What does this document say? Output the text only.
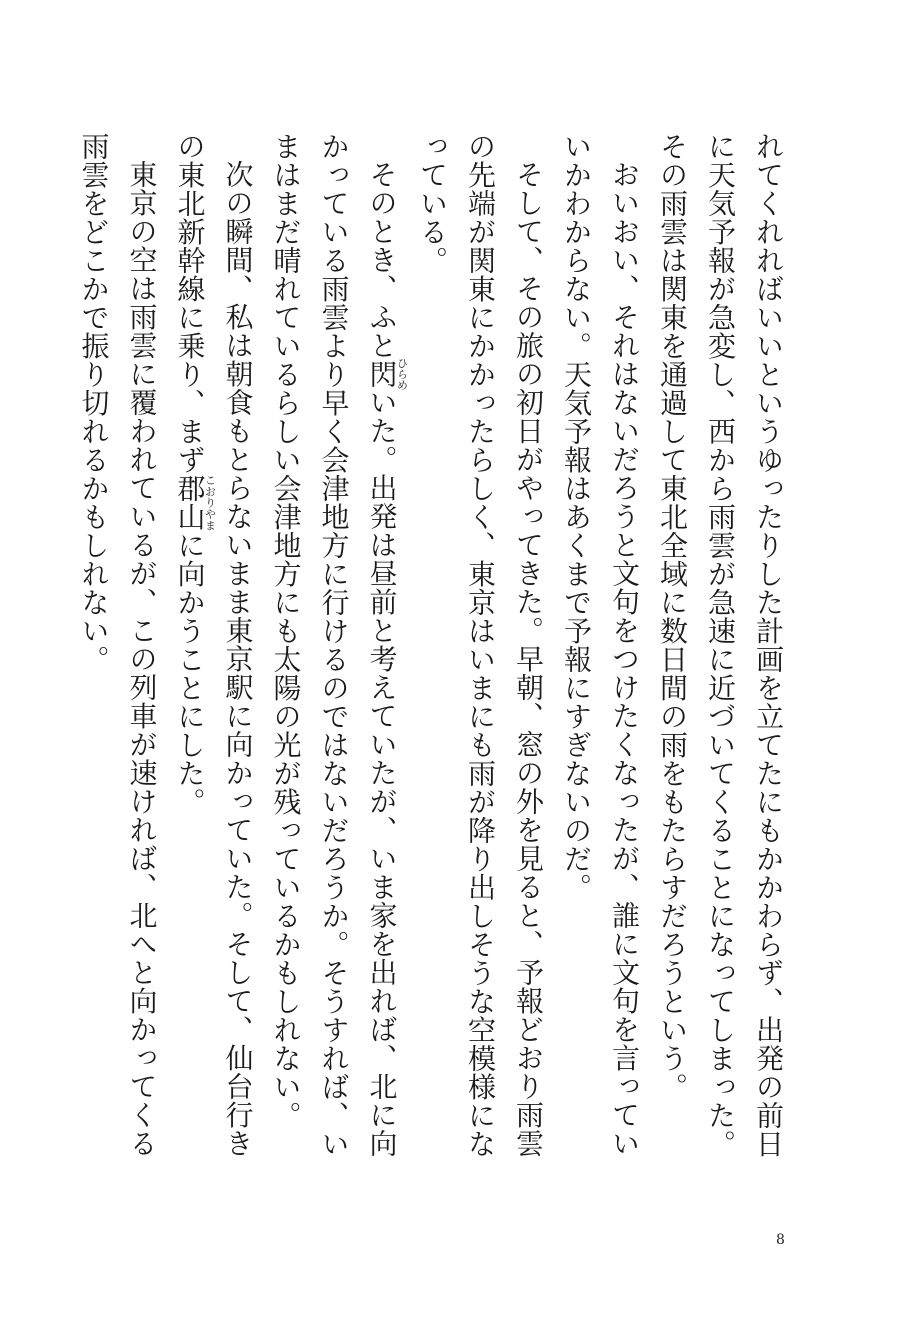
れてくれればいいというゆったりした計画を立てたにもかかわらず、出発の前日に天気予報が急変し、西から雨雲が急速に近づいてくることになってしまった。その雨雲は関東を通過して東北全域に数日間の雨をもたらすだろうという。

おいおい、それはないだろうと文句をつけたくなったが、誰に文句を言っていいかわからない。天気予報はあくまで予報にすぎないのだ。

そして、その旅の初日がやってきた。早朝、窓の外を見ると、予報どおり雨雲の先端が関東にかかったらしく、東京はいまにも雨が降り出しそうな空模様になっている。

そのとき、ふと閃ひらめいた。出発は昼前と考えていたが、いま家を出れば、北に向かっている雨雲より早く会津地方に行けるのではないだろうか。そうすれば、いまはまだ晴れているらしい会津地方にも太陽の光が残っているかもしれない。

次の瞬間、私は朝食もとらないまま東京駅に向かっていた。そして、仙台行きの東北新幹線に乗り、まず郡山こおりやまに向かうことにした。

東京の空は雨雲に覆われているが、この列車が速ければ、北へと向かってくる雨雲をどこかで振り切れるかもしれない。

8
